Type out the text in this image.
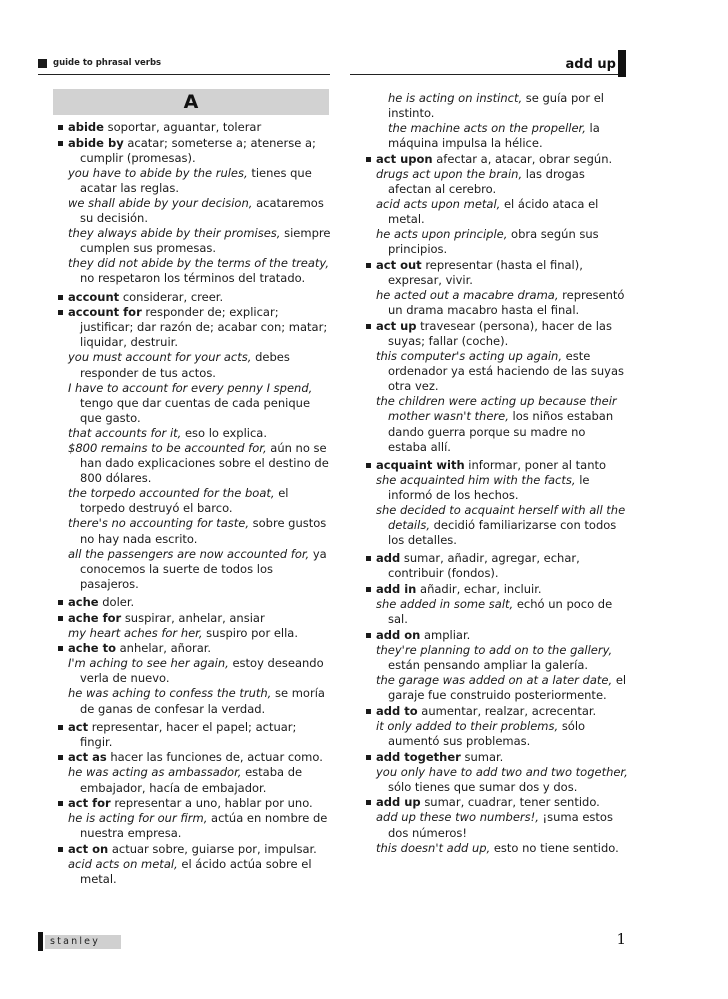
guide to phrasal verbs	add up
A
abide soportar, aguantar, tolerar
abide by acatar; someterse a; atenerse a; cumplir (promesas).
you have to abide by the rules, tienes que acatar las reglas.
we shall abide by your decision, acataremos su decisión.
they always abide by their promises, siempre cumplen sus promesas.
they did not abide by the terms of the treaty, no respetaron los términos del tratado.
account considerar, creer.
account for responder de; explicar; justificar; dar razón de; acabar con; matar; liquidar, destruir.
you must account for your acts, debes responder de tus actos.
I have to account for every penny I spend, tengo que dar cuentas de cada penique que gasto.
that accounts for it, eso lo explica.
$800 remains to be accounted for, aún no se han dado explicaciones sobre el destino de 800 dólares.
the torpedo accounted for the boat, el torpedo destruyó el barco.
there's no accounting for taste, sobre gustos no hay nada escrito.
all the passengers are now accounted for, ya conocemos la suerte de todos los pasajeros.
ache doler.
ache for suspirar, anhelar, ansiar
my heart aches for her, suspiro por ella.
ache to anhelar, añorar.
I'm aching to see her again, estoy deseando verla de nuevo.
he was aching to confess the truth, se moría de ganas de confesar la verdad.
act representar, hacer el papel; actuar; fingir.
act as hacer las funciones de, actuar como.
he was acting as ambassador, estaba de embajador, hacía de embajador.
act for representar a uno, hablar por uno.
he is acting for our firm, actúa en nombre de nuestra empresa.
act on actuar sobre, guiarse por, impulsar.
acid acts on metal, el ácido actúa sobre el metal.
he is acting on instinct, se guía por el instinto.
the machine acts on the propeller, la máquina impulsa la hélice.
act upon afectar a, atacar, obrar según.
drugs act upon the brain, las drogas afectan al cerebro.
acid acts upon metal, el ácido ataca el metal.
he acts upon principle, obra según sus principios.
act out representar (hasta el final), expresar, vivir.
he acted out a macabre drama, representó un drama macabro hasta el final.
act up travesear (persona), hacer de las suyas; fallar (coche).
this computer's acting up again, este ordenador ya está haciendo de las suyas otra vez.
the children were acting up because their mother wasn't there, los niños estaban dando guerra porque su madre no estaba allí.
acquaint with informar, poner al tanto
she acquainted him with the facts, le informó de los hechos.
she decided to acquaint herself with all the details, decidió familiarizarse con todos los detalles.
add sumar, añadir, agregar, echar, contribuir (fondos).
add in añadir, echar, incluir.
she added in some salt, echó un poco de sal.
add on ampliar.
they're planning to add on to the gallery, están pensando ampliar la galería.
the garage was added on at a later date, el garaje fue construido posteriormente.
add to aumentar, realzar, acrecentar.
it only added to their problems, sólo aumentó sus problemas.
add together sumar.
you only have to add two and two together, sólo tienes que sumar dos y dos.
add up sumar, cuadrar, tener sentido.
add up these two numbers!, ¡suma estos dos números!
this doesn't add up, esto no tiene sentido.
stanley	1
